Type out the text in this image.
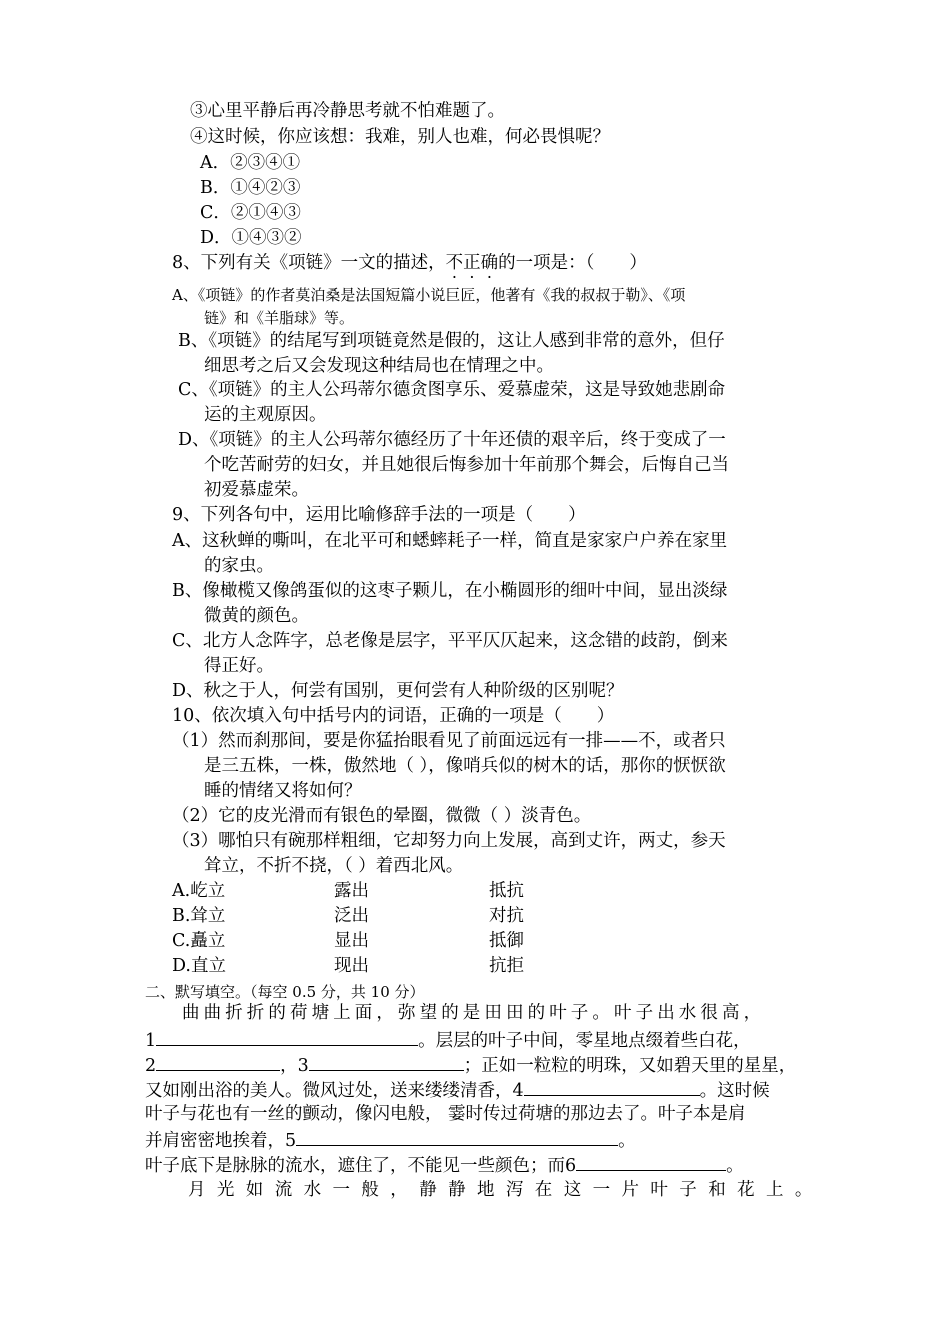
③心里平静后再冷静思考就不怕难题了。
④这时候，你应该想：我难，别人也难，何必畏惧呢？
A．②③④①
B．①④②③
C．②①④③
D．①④③②
8、下列有关《项链》一文的描述，不正确的一项是：（　　）
A、《项链》的作者莫泊桑是法国短篇小说巨匠，他著有《我的叔叔于勒》、《项
链》和《羊脂球》等。
B、《项链》的结尾写到项链竟然是假的，这让人感到非常的意外，但仔
细思考之后又会发现这种结局也在情理之中。
C、《项链》的主人公玛蒂尔德贪图享乐、爱慕虚荣，这是导致她悲剧命
运的主观原因。
D、《项链》的主人公玛蒂尔德经历了十年还债的艰辛后，终于变成了一
个吃苦耐劳的妇女，并且她很后悔参加十年前那个舞会，后悔自己当
初爱慕虚荣。
9、下列各句中，运用比喻修辞手法的一项是（　　）
A、这秋蝉的嘶叫，在北平可和蟋蟀耗子一样，简直是家家户户养在家里
的家虫。
B、像橄榄又像鸽蛋似的这枣子颗儿，在小椭圆形的细叶中间，显出淡绿
微黄的颜色。
C、北方人念阵字，总老像是层字，平平仄仄起来，这念错的歧韵，倒来
得正好。
D、秋之于人，何尝有国别，更何尝有人种阶级的区别呢？
10、依次填入句中括号内的词语，正确的一项是（　　）
（1）然而刹那间，要是你猛抬眼看见了前面远远有一排——不，或者只
是三五株，一株，傲然地（ ），像哨兵似的树木的话，那你的恹恹欲
睡的情绪又将如何？
（2）它的皮光滑而有银色的晕圈，微微（ ）淡青色。
（3）哪怕只有碗那样粗细，它却努力向上发展，高到丈许，两丈，参天
耸立，不折不挠，（ ）着西北风。
A.屹立	露出	抵抗
B.耸立	泛出	对抗
C.矗立	显出	抵御
D.直立	现出	抗拒
二、默写填空。（每空 0.5 分，共 10 分）
曲曲折折的荷塘上面，弥望的是田田的叶子。叶子出水很高，
1	。层层的叶子中间，零星地点缀着些白花，
2	，3	；正如一粒粒的明珠，又如碧天里的星星，
又如刚出浴的美人。微风过处，送来缕缕清香，4	。这时候
叶子与花也有一丝的颤动，像闪电般， 霎时传过荷塘的那边去了。叶子本是肩
并肩密密地挨着，5	。
叶子底下是脉脉的流水，遮住了，不能见一些颜色；而6	。
月光如流水一般，静静地泻在这一片叶子和花上。
